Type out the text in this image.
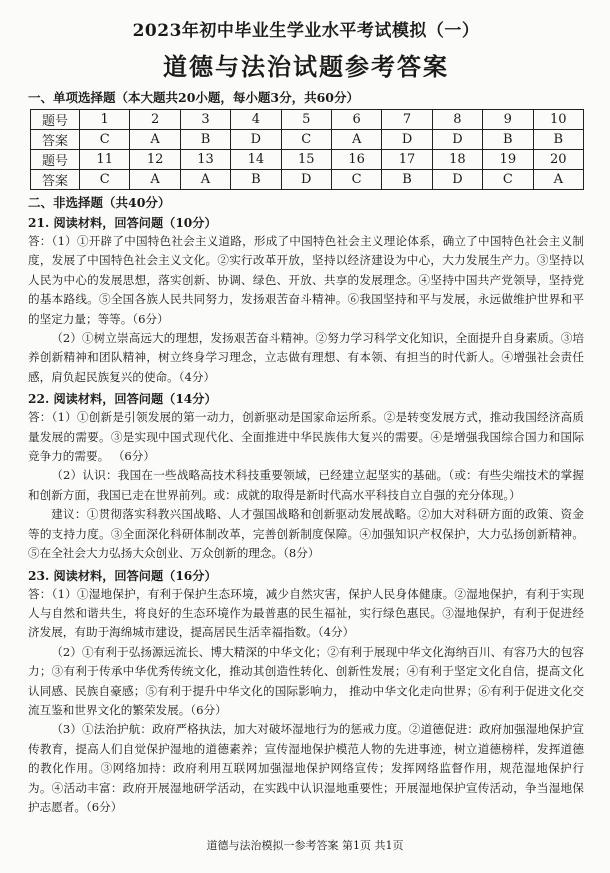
2023年初中毕业生学业水平考试模拟（一）
道德与法治试题参考答案
一、单项选择题（本大题共20小题，每小题3分，共60分）
题号	1	2	3	4	5	6	7	8	9	10
答案	C	A	B	D	C	A	D	D	B	B
题号	11	12	13	14	15	16	17	18	19	20
答案	C	A	A	B	D	C	B	D	C	A
二、非选择题（共40分）
21. 阅读材料，回答问题（10分）

答：（1）①开辟了中国特色社会主义道路，形成了中国特色社会主义理论体系，确立了中国特色社会主义制度，发展了中国特色社会主义文化。②实行改革开放，坚持以经济建设为中心，大力发展生产力。③坚持以人民为中心的发展思想，落实创新、协调、绿色、开放、共享的发展理念。④坚持中国共产党领导，坚持党的基本路线。⑤全国各族人民共同努力，发扬艰苦奋斗精神。⑥我国坚持和平与发展，永远做维护世界和平的坚定力量；等等。（6分）

（2）①树立崇高远大的理想，发扬艰苦奋斗精神。②努力学习科学文化知识，全面提升自身素质。③培养创新精神和团队精神，树立终身学习理念，立志做有理想、有本领、有担当的时代新人。④增强社会责任感，肩负起民族复兴的使命。（4分）

22. 阅读材料，回答问题（14分）

答：（1）①创新是引领发展的第一动力，创新驱动是国家命运所系。②是转变发展方式，推动我国经济高质量发展的需要。③是实现中国式现代化、全面推进中华民族伟大复兴的需要。④是增强我国综合国力和国际竞争力的需要。 （6分）

（2）认识：我国在一些战略高技术科技重要领域，已经建立起坚实的基础。（或：有些尖端技术的掌握和创新方面，我国已走在世界前列。或：成就的取得是新时代高水平科技自立自强的充分体现。）

建议：①贯彻落实科教兴国战略、人才强国战略和创新驱动发展战略。②加大对科研方面的政策、资金等的支持力度。③全面深化科研体制改革，完善创新制度保障。④加强知识产权保护，大力弘扬创新精神。⑤在全社会大力弘扬大众创业、万众创新的理念。（8分）

23. 阅读材料，回答问题（16分）

答：（1）①湿地保护，有利于保护生态环境，减少自然灾害，保护人民身体健康。②湿地保护，有利于实现人与自然和谐共生，将良好的生态环境作为最普惠的民生福祉，实行绿色惠民。③湿地保护，有利于促进经济发展，有助于海绵城市建设，提高居民生活幸福指数。（4分）

（2）①有利于弘扬源远流长、博大精深的中华文化；②有利于展现中华文化海纳百川、有容乃大的包容力；③有利于传承中华优秀传统文化，推动其创造性转化、创新性发展；④有利于坚定文化自信，提高文化认同感、民族自豪感；⑤有利于提升中华文化的国际影响力， 推动中华文化走向世界；⑥有利于促进文化交流互鉴和世界文化的繁荣发展。（6分）

（3）①法治护航：政府严格执法，加大对破坏湿地行为的惩戒力度。②道德促进：政府加强湿地保护宣传教育，提高人们自觉保护湿地的道德素养；宣传湿地保护模范人物的先进事迹，树立道德榜样，发挥道德的教化作用。③网络加持：政府利用互联网加强湿地保护网络宣传；发挥网络监督作用，规范湿地保护行为。④活动丰富：政府开展湿地研学活动，在实践中认识湿地重要性；开展湿地保护宣传活动，争当湿地保护志愿者。（6分）

道德与法治模拟一参考答案 第1页 共1页
